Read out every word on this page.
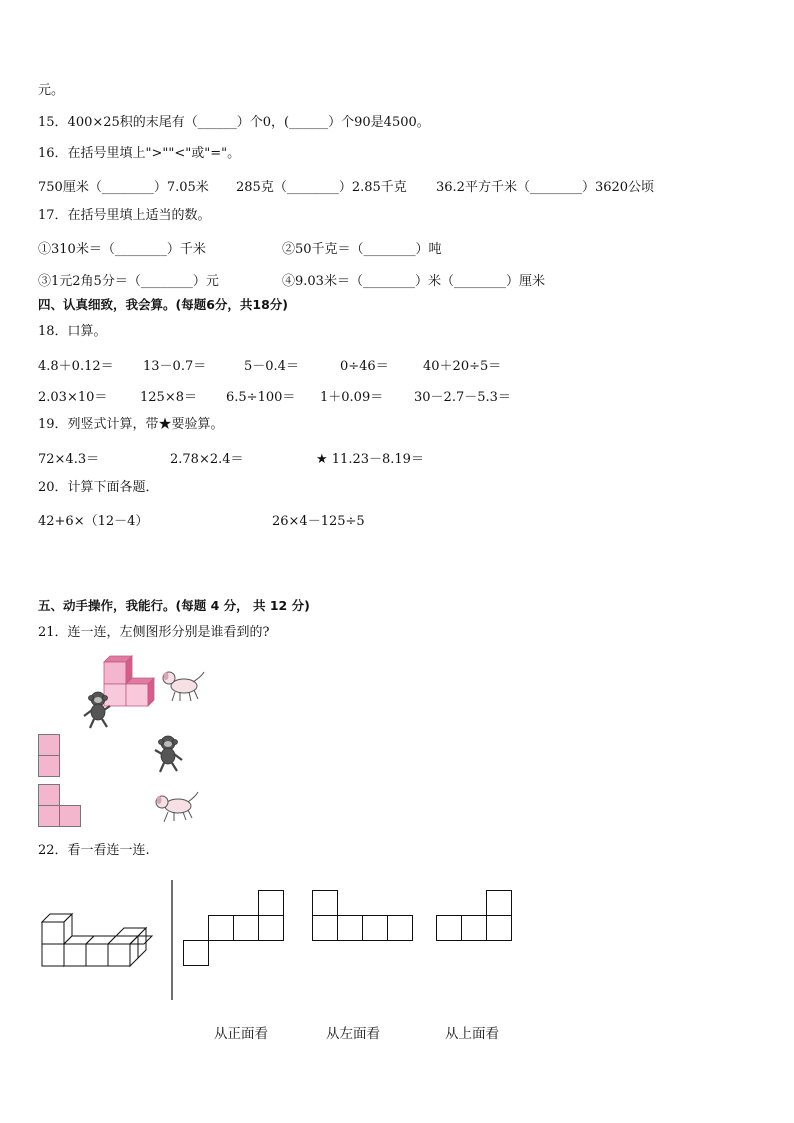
元。
15．400×25积的末尾有（______）个0，(______）个90是4500。
16．在括号里填上">""<"或"="。
750厘米（________）7.05米 285克（________）2.85千克 36.2平方千米（________）3620公顷
17．在括号里填上适当的数。
①310米＝（________）千米	②50千克＝（________）吨
③1元2角5分＝（________）元	④9.03米＝（________）米（________）厘米
四、认真细致，我会算。(每题6分，共18分)
18．口算。
4.8＋0.12＝ 13－0.7＝	5－0.4＝	0÷46＝	40＋20÷5＝
2.03×10＝	125×8＝ 6.5÷100＝ 1＋0.09＝ 30－2.7－5.3＝
19．列竖式计算，带★要验算。
72×4.3＝	2.78×2.4＝	★ 11.23－8.19＝
20．计算下面各题．
42+6×（12－4）	26×4－125÷5
五、动手操作，我能行。(每题 4 分， 共 12 分)
21．连一连，左侧图形分别是谁看到的?
22．看一看连一连.
从正面看	从左面看	从上面看
